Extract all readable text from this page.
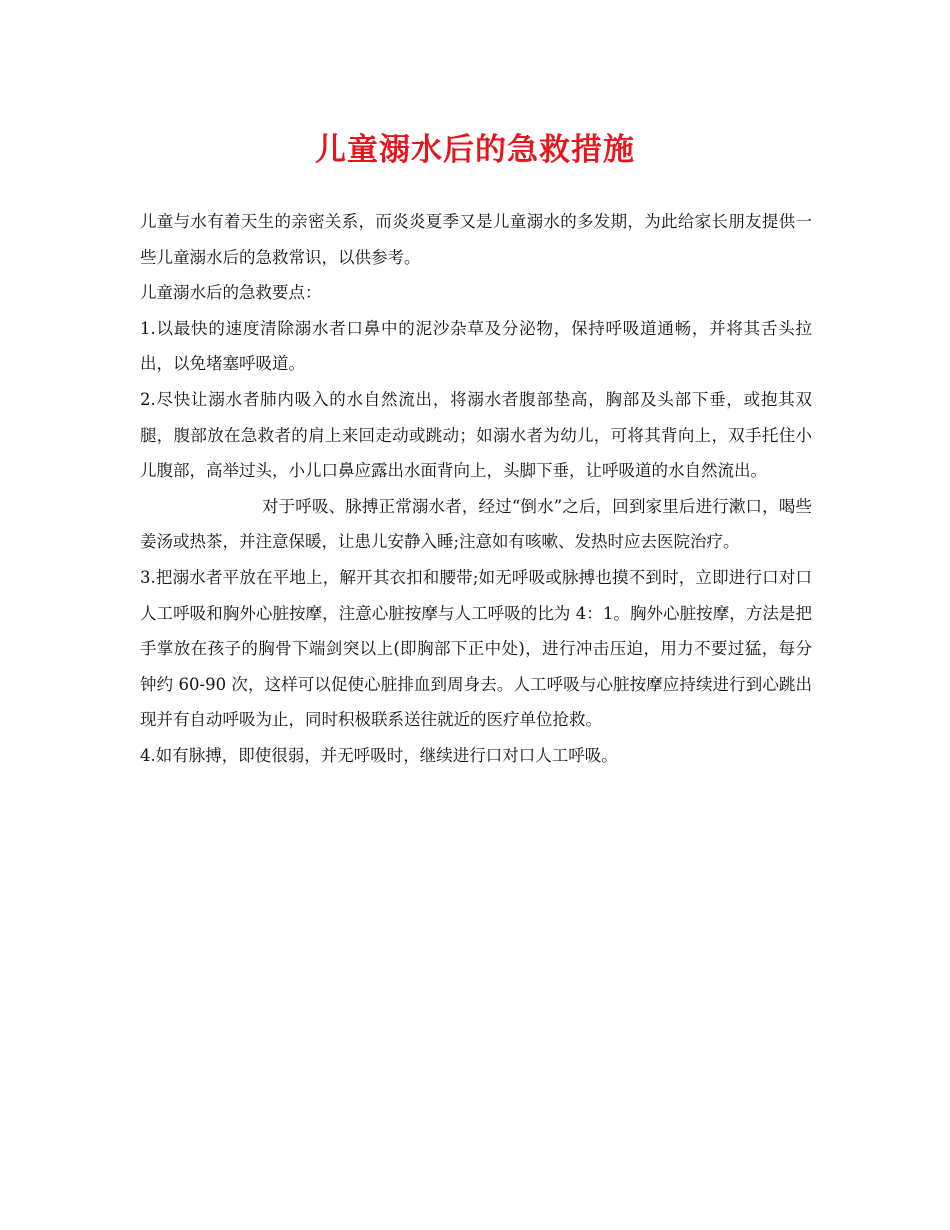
儿童溺水后的急救措施

儿童与水有着天生的亲密关系，而炎炎夏季又是儿童溺水的多发期，为此给家长朋友提供一些儿童溺水后的急救常识，以供参考。

儿童溺水后的急救要点：

1.以最快的速度清除溺水者口鼻中的泥沙杂草及分泌物，保持呼吸道通畅，并将其舌头拉出，以免堵塞呼吸道。

2.尽快让溺水者肺内吸入的水自然流出，将溺水者腹部垫高，胸部及头部下垂，或抱其双腿，腹部放在急救者的肩上来回走动或跳动；如溺水者为幼儿，可将其背向上，双手托住小儿腹部，高举过头，小儿口鼻应露出水面背向上，头脚下垂，让呼吸道的水自然流出。

对于呼吸、脉搏正常溺水者，经过“倒水”之后，回到家里后进行漱口，喝些姜汤或热茶，并注意保暖，让患儿安静入睡;注意如有咳嗽、发热时应去医院治疗。

3.把溺水者平放在平地上，解开其衣扣和腰带;如无呼吸或脉搏也摸不到时，立即进行口对口人工呼吸和胸外心脏按摩，注意心脏按摩与人工呼吸的比为 4：1。胸外心脏按摩，方法是把手掌放在孩子的胸骨下端剑突以上(即胸部下正中处)，进行冲击压迫，用力不要过猛，每分钟约 60-90 次，这样可以促使心脏排血到周身去。人工呼吸与心脏按摩应持续进行到心跳出现并有自动呼吸为止，同时积极联系送往就近的医疗单位抢救。

4.如有脉搏，即使很弱，并无呼吸时，继续进行口对口人工呼吸。
